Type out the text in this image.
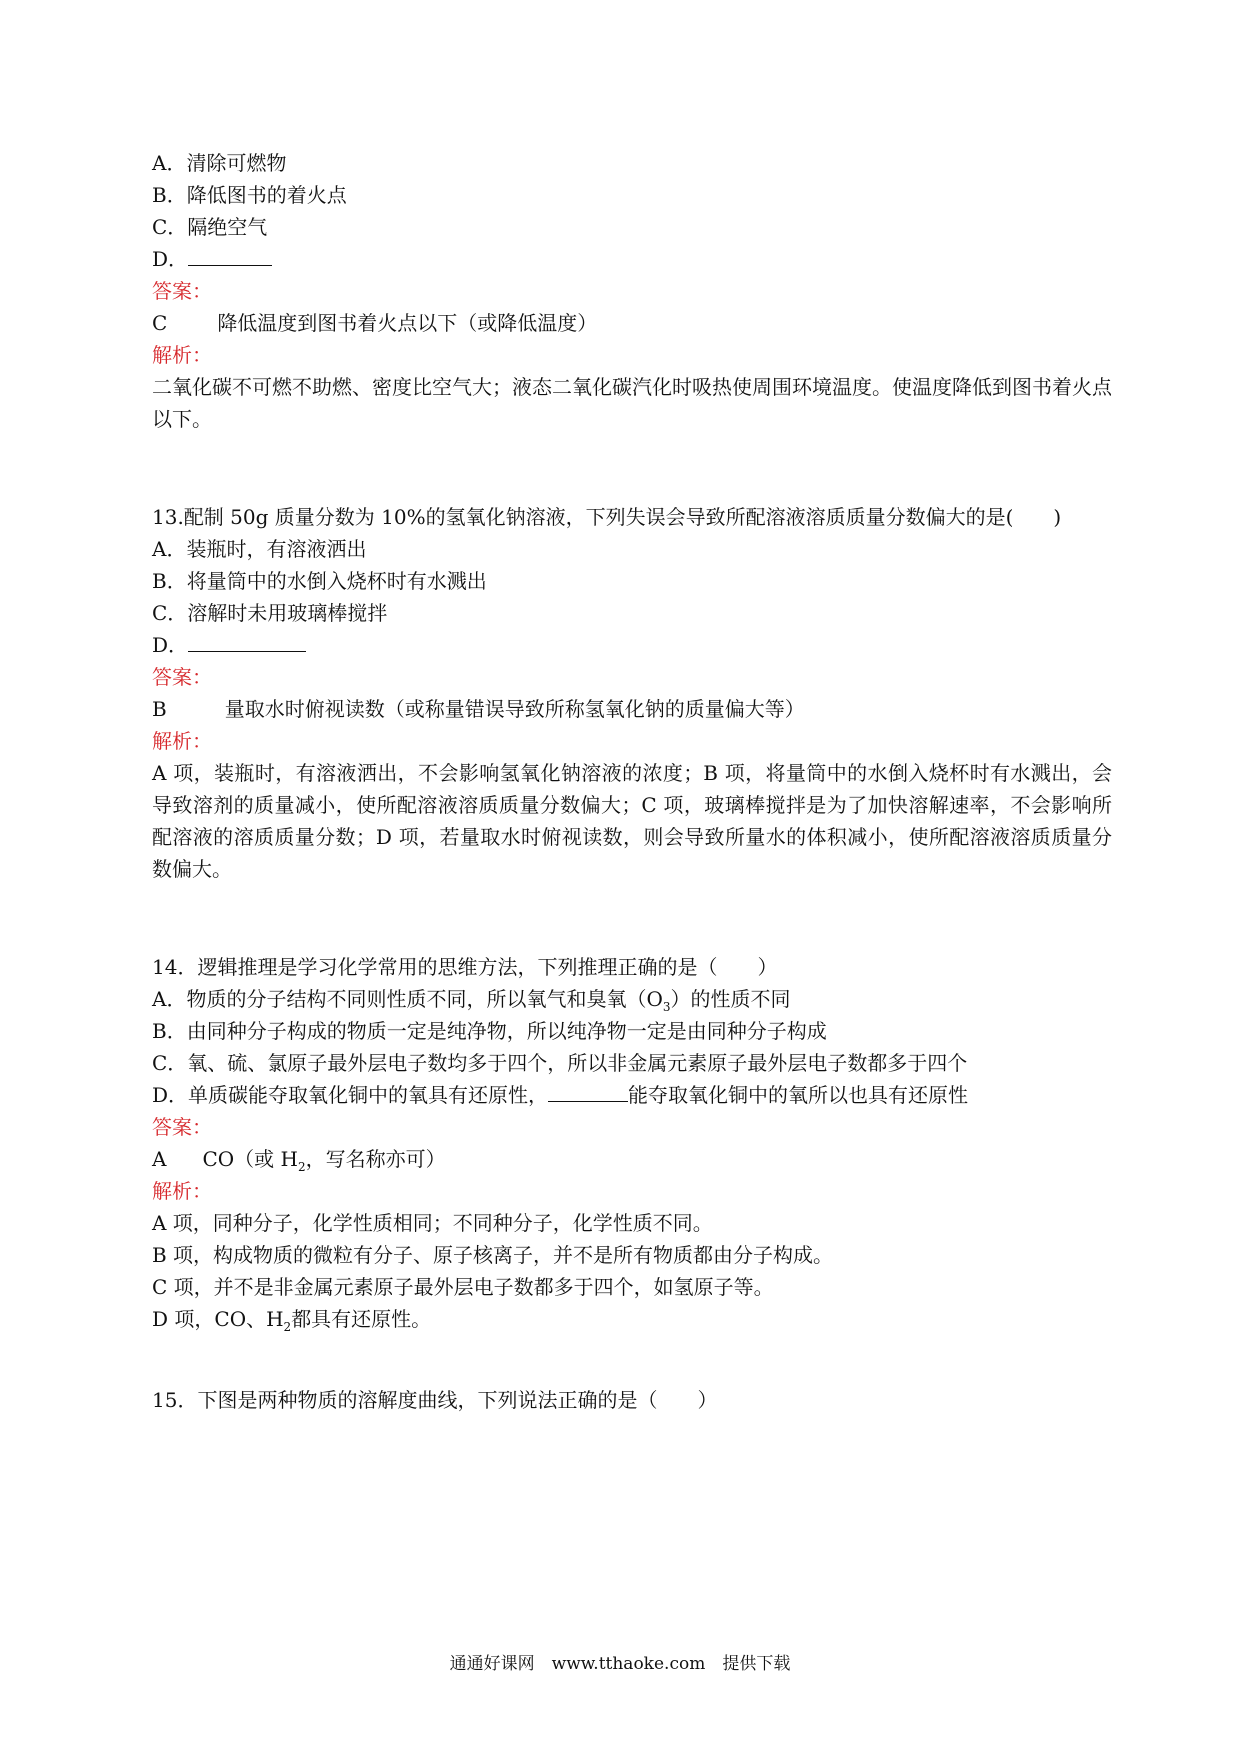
A．清除可燃物
B．降低图书的着火点
C．隔绝空气
D．
答案：
C	降低温度到图书着火点以下（或降低温度）
解析：
二氧化碳不可燃不助燃、密度比空气大；液态二氧化碳汽化时吸热使周围环境温度。使温度降低到图书着火点以下。
13.配制 50g 质量分数为 10%的氢氧化钠溶液，下列失误会导致所配溶液溶质质量分数偏大的是(　　)
A．装瓶时，有溶液洒出
B．将量筒中的水倒入烧杯时有水溅出
C．溶解时未用玻璃棒搅拌
D．
答案：
B	量取水时俯视读数（或称量错误导致所称氢氧化钠的质量偏大等）
解析：
A 项，装瓶时，有溶液洒出，不会影响氢氧化钠溶液的浓度；B 项，将量筒中的水倒入烧杯时有水溅出，会导致溶剂的质量减小，使所配溶液溶质质量分数偏大；C 项，玻璃棒搅拌是为了加快溶解速率，不会影响所配溶液的溶质质量分数；D 项，若量取水时俯视读数，则会导致所量水的体积减小，使所配溶液溶质质量分数偏大。
14．逻辑推理是学习化学常用的思维方法，下列推理正确的是（　　）
A．物质的分子结构不同则性质不同，所以氧气和臭氧$(O_3)$的性质不同
B．由同种分子构成的物质一定是纯净物，所以纯净物一定是由同种分子构成
C．氧、硫、氯原子最外层电子数均多于四个，所以非金属元素原子最外层电子数都多于四个
D．单质碳能夺取氧化铜中的氧具有还原性，	能夺取氧化铜中的氧所以也具有还原性
答案：
A CO（或 $H_2$，写名称亦可）
解析：
A 项，同种分子，化学性质相同；不同种分子，化学性质不同。
B 项，构成物质的微粒有分子、原子核离子，并不是所有物质都由分子构成。
C 项，并不是非金属元素原子最外层电子数都多于四个，如氢原子等。
D 项，CO、$H_2$都具有还原性。
15．下图是两种物质的溶解度曲线，下列说法正确的是（　　）
通通好课网　www.tthaoke.com　提供下载
